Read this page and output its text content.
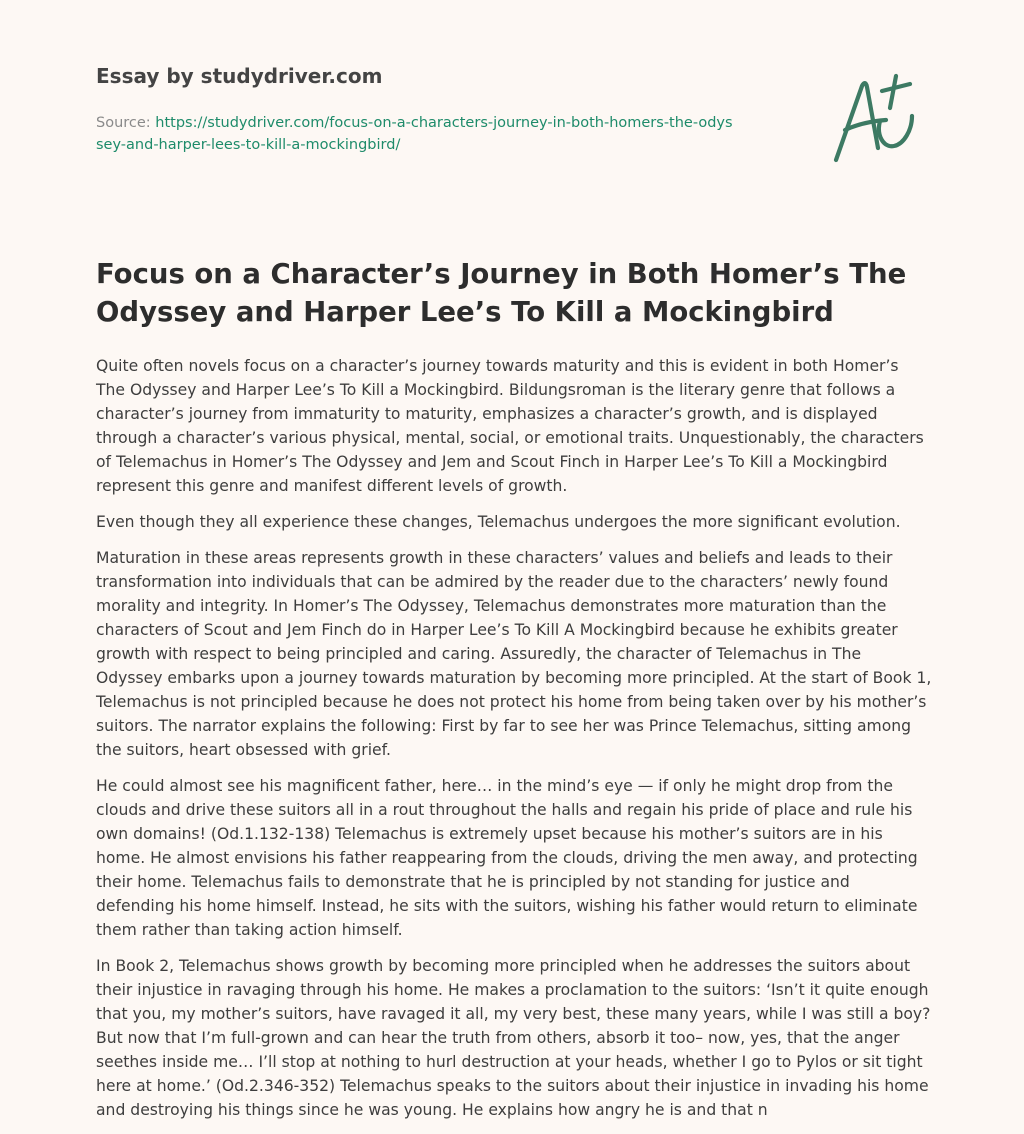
Essay by studydriver.com
Source: https://studydriver.com/focus-on-a-characters-journey-in-both-homers-the-odyssey-and-harper-lees-to-kill-a-mockingbird/
Focus on a Character’s Journey in Both Homer’s The Odyssey and Harper Lee’s To Kill a Mockingbird

Quite often novels focus on a character’s journey towards maturity and this is evident in both Homer’s The Odyssey and Harper Lee’s To Kill a Mockingbird. Bildungsroman is the literary genre that follows a character’s journey from immaturity to maturity, emphasizes a character’s growth, and is displayed through a character’s various physical, mental, social, or emotional traits. Unquestionably, the characters of Telemachus in Homer’s The Odyssey and Jem and Scout Finch in Harper Lee’s To Kill a Mockingbird represent this genre and manifest different levels of growth.

Even though they all experience these changes, Telemachus undergoes the more significant evolution.

Maturation in these areas represents growth in these characters’ values and beliefs and leads to their transformation into individuals that can be admired by the reader due to the characters’ newly found morality and integrity. In Homer’s The Odyssey, Telemachus demonstrates more maturation than the characters of Scout and Jem Finch do in Harper Lee’s To Kill A Mockingbird because he exhibits greater growth with respect to being principled and caring. Assuredly, the character of Telemachus in The Odyssey embarks upon a journey towards maturation by becoming more principled. At the start of Book 1, Telemachus is not principled because he does not protect his home from being taken over by his mother’s suitors. The narrator explains the following: First by far to see her was Prince Telemachus, sitting among the suitors, heart obsessed with grief.

He could almost see his magnificent father, here… in the mind’s eye — if only he might drop from the clouds and drive these suitors all in a rout throughout the halls and regain his pride of place and rule his own domains! (Od.1.132-138) Telemachus is extremely upset because his mother’s suitors are in his home. He almost envisions his father reappearing from the clouds, driving the men away, and protecting their home. Telemachus fails to demonstrate that he is principled by not standing for justice and defending his home himself. Instead, he sits with the suitors, wishing his father would return to eliminate them rather than taking action himself.

In Book 2, Telemachus shows growth by becoming more principled when he addresses the suitors about their injustice in ravaging through his home. He makes a proclamation to the suitors: ‘Isn’t it quite enough that you, my mother’s suitors, have ravaged it all, my very best, these many years, while I was still a boy? But now that I’m full-grown and can hear the truth from others, absorb it too– now, yes, that the anger seethes inside me… I’ll stop at nothing to hurl destruction at your heads, whether I go to Pylos or sit tight here at home.’ (Od.2.346-352) Telemachus speaks to the suitors about their injustice in invading his home and destroying his things since he was young. He explains how angry he is and that n
